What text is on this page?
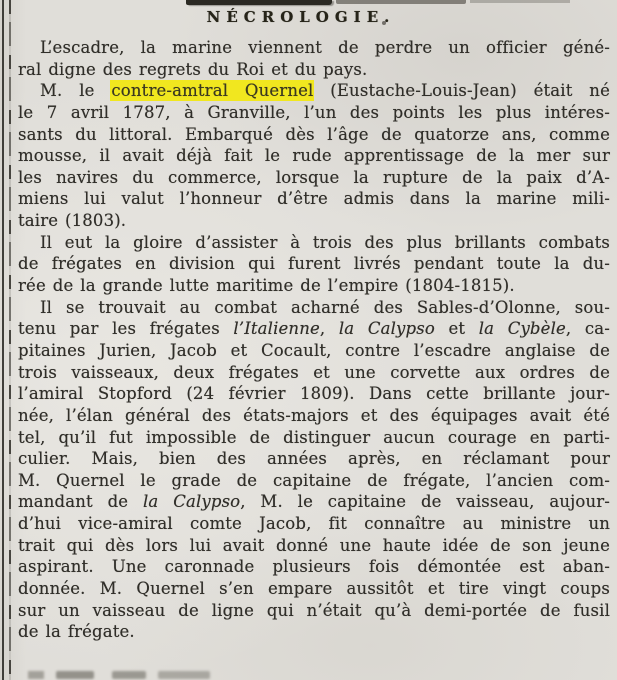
NÉCROLOGIE.
L’escadre, la marine viennent de perdre un officier géné-
ral digne des regrets du Roi et du pays.
M. le contre-amtral Quernel (Eustache-Louis-Jean) était né
le 7 avril 1787, à Granville, l’un des points les plus intéres-
sants du littoral. Embarqué dès l’âge de quatorze ans, comme
mousse, il avait déjà fait le rude apprentissage de la mer sur
les navires du commerce, lorsque la rupture de la paix d’A-
miens lui valut l’honneur d’être admis dans la marine mili-
taire (1803).
Il eut la gloire d’assister à trois des plus brillants combats
de frégates en division qui furent livrés pendant toute la du-
rée de la grande lutte maritime de l’empire (1804-1815).
Il se trouvait au combat acharné des Sables-d’Olonne, sou-
tenu par les frégates l’Italienne, la Calypso et la Cybèle, ca-
pitaines Jurien, Jacob et Cocault, contre l’escadre anglaise de
trois vaisseaux, deux frégates et une corvette aux ordres de
l’amiral Stopford (24 février 1809). Dans cette brillante jour-
née, l’élan général des états-majors et des équipages avait été
tel, qu’il fut impossible de distinguer aucun courage en parti-
culier. Mais, bien des années après, en réclamant pour
M. Quernel le grade de capitaine de frégate, l’ancien com-
mandant de la Calypso, M. le capitaine de vaisseau, aujour-
d’hui vice-amiral comte Jacob, fit connaître au ministre un
trait qui dès lors lui avait donné une haute idée de son jeune
aspirant. Une caronnade plusieurs fois démontée est aban-
donnée. M. Quernel s’en empare aussitôt et tire vingt coups
sur un vaisseau de ligne qui n’était qu’à demi-portée de fusil
de la frégate.
